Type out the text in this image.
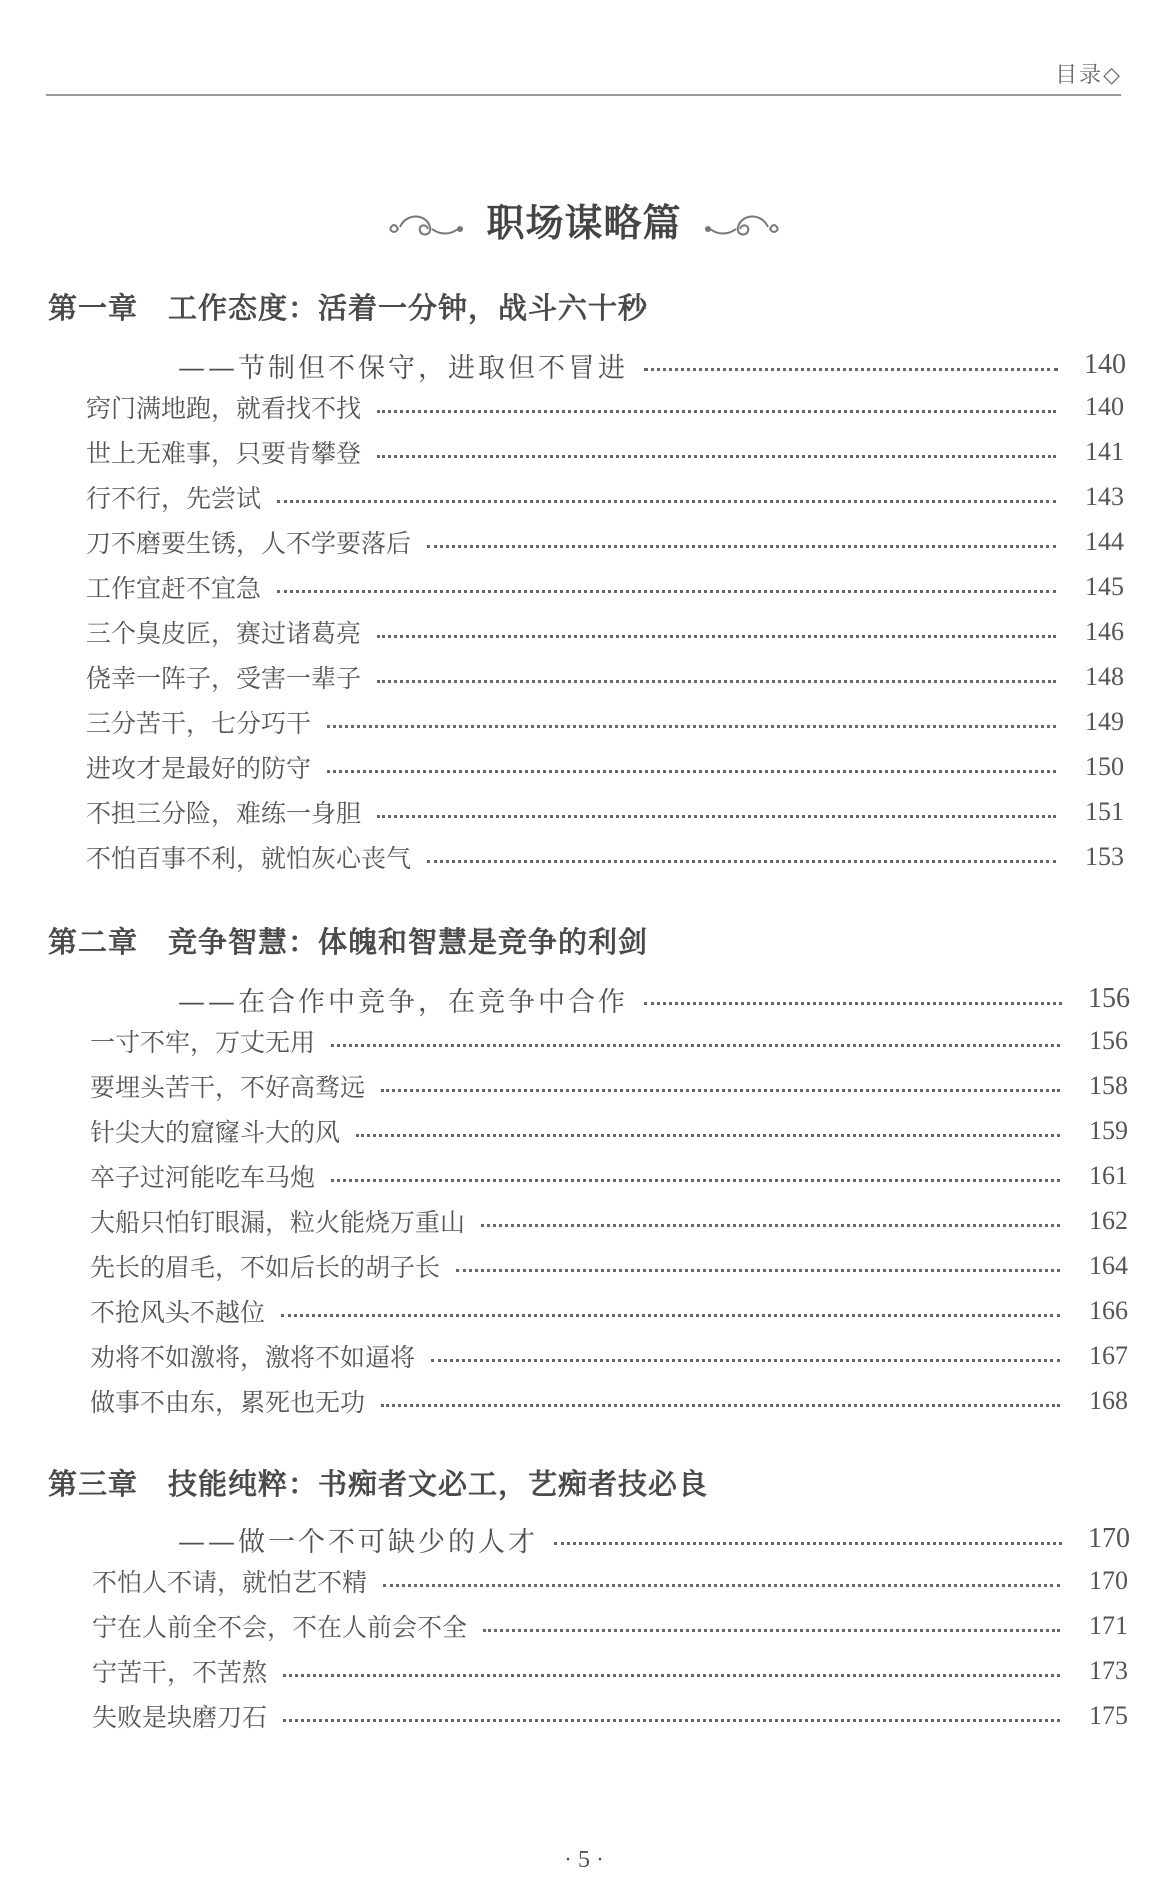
目录◇
职场谋略篇
第一章 工作态度：活着一分钟，战斗六十秒
——节制但不保守，进取但不冒进	140
窍门满地跑，就看找不找	140
世上无难事，只要肯攀登	141
行不行，先尝试	143
刀不磨要生锈，人不学要落后	144
工作宜赶不宜急	145
三个臭皮匠，赛过诸葛亮	146
侥幸一阵子，受害一辈子	148
三分苦干，七分巧干	149
进攻才是最好的防守	150
不担三分险，难练一身胆	151
不怕百事不利，就怕灰心丧气	153
第二章 竞争智慧：体魄和智慧是竞争的利剑
——在合作中竞争，在竞争中合作	156
一寸不牢，万丈无用	156
要埋头苦干，不好高骛远	158
针尖大的窟窿斗大的风	159
卒子过河能吃车马炮	161
大船只怕钉眼漏，粒火能烧万重山	162
先长的眉毛，不如后长的胡子长	164
不抢风头不越位	166
劝将不如激将，激将不如逼将	167
做事不由东，累死也无功	168
第三章 技能纯粹：书痴者文必工，艺痴者技必良
——做一个不可缺少的人才	170
不怕人不请，就怕艺不精	170
宁在人前全不会，不在人前会不全	171
宁苦干，不苦熬	173
失败是块磨刀石	175
· 5 ·
